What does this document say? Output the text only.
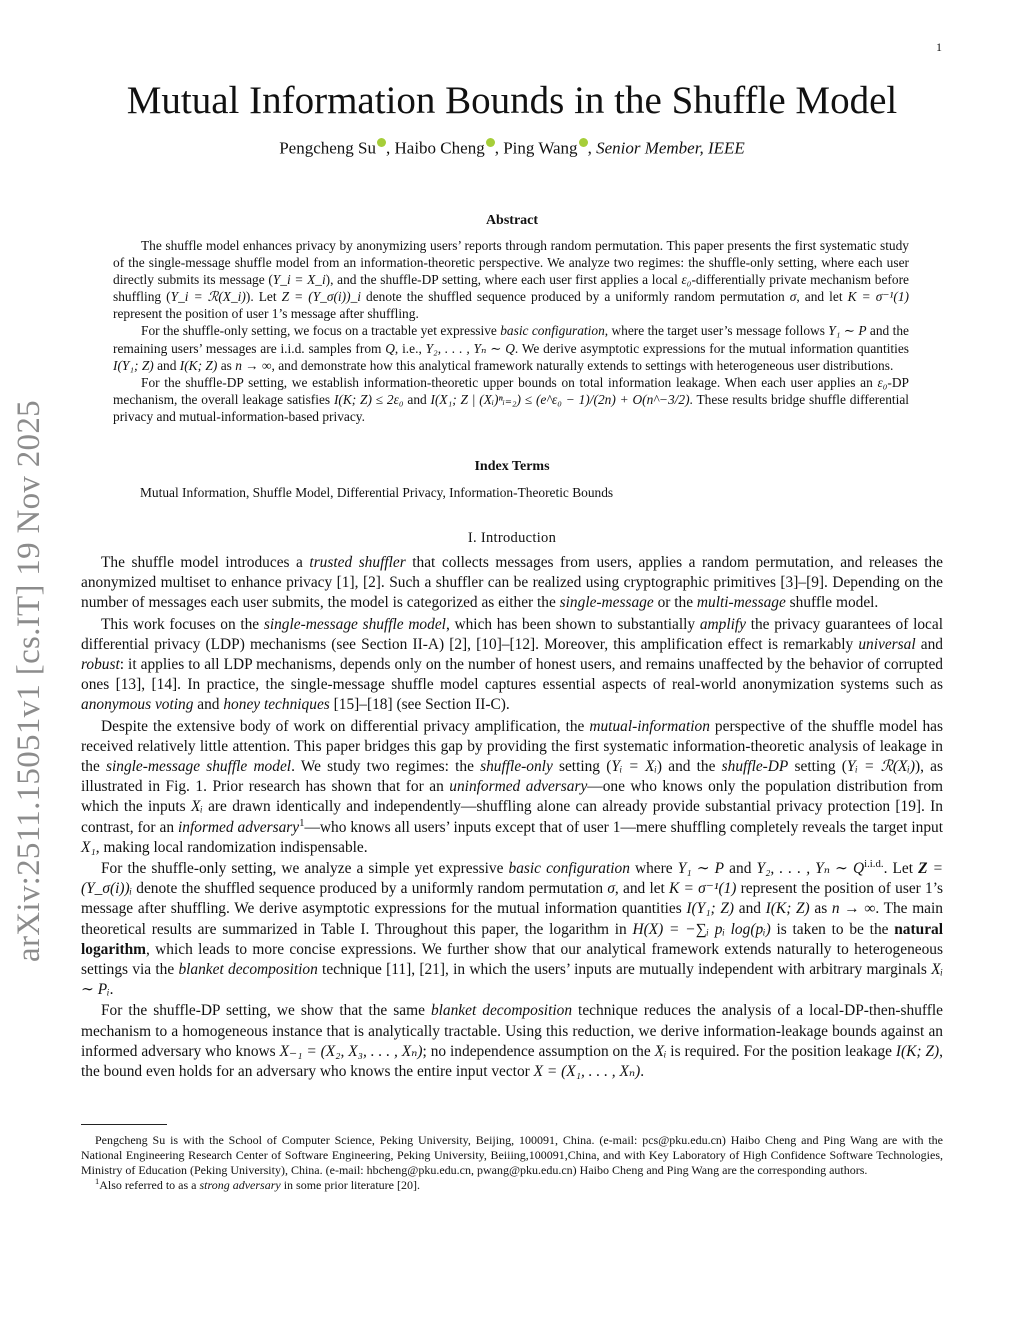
1
arXiv:2511.15051v1 [cs.IT] 19 Nov 2025
Mutual Information Bounds in the Shuffle Model
Pengcheng Su , Haibo Cheng , Ping Wang , Senior Member, IEEE
Abstract

The shuffle model enhances privacy by anonymizing users’ reports through random permutation. This paper presents the first systematic study of the single-message shuffle model from an information-theoretic perspective. We analyze two regimes: the shuffle-only setting, where each user directly submits its message (Y_i = X_i), and the shuffle-DP setting, where each user first applies a local ε₀-differentially private mechanism before shuffling (Y_i = ℛ(X_i)). Let Z = (Y_σ(i))_i denote the shuffled sequence produced by a uniformly random permutation σ, and let K = σ⁻¹(1) represent the position of user 1’s message after shuffling.

For the shuffle-only setting, we focus on a tractable yet expressive basic configuration, where the target user’s message follows Y₁ ∼ P and the remaining users’ messages are i.i.d. samples from Q, i.e., Y₂, . . . , Yₙ ∼ Q. We derive asymptotic expressions for the mutual information quantities I(Y₁; Z) and I(K; Z) as n → ∞, and demonstrate how this analytical framework naturally extends to settings with heterogeneous user distributions.

For the shuffle-DP setting, we establish information-theoretic upper bounds on total information leakage. When each user applies an ε₀-DP mechanism, the overall leakage satisfies I(K; Z) ≤ 2ε₀ and I(X₁; Z | (Xᵢ)ⁿᵢ₌₂) ≤ (e^ε₀ − 1)/(2n) + O(n^−3/2). These results bridge shuffle differential privacy and mutual-information-based privacy.

Index Terms
Mutual Information, Shuffle Model, Differential Privacy, Information-Theoretic Bounds
I. Introduction

The shuffle model introduces a trusted shuffler that collects messages from users, applies a random permutation, and releases the anonymized multiset to enhance privacy [1], [2]. Such a shuffler can be realized using cryptographic primitives [3]–[9]. Depending on the number of messages each user submits, the model is categorized as either the single-message or the multi-message shuffle model.

This work focuses on the single-message shuffle model, which has been shown to substantially amplify the privacy guarantees of local differential privacy (LDP) mechanisms (see Section II-A) [2], [10]–[12]. Moreover, this amplification effect is remarkably universal and robust: it applies to all LDP mechanisms, depends only on the number of honest users, and remains unaffected by the behavior of corrupted ones [13], [14]. In practice, the single-message shuffle model captures essential aspects of real-world anonymization systems such as anonymous voting and honey techniques [15]–[18] (see Section II-C).

Despite the extensive body of work on differential privacy amplification, the mutual-information perspective of the shuffle model has received relatively little attention. This paper bridges this gap by providing the first systematic information-theoretic analysis of leakage in the single-message shuffle model. We study two regimes: the shuffle-only setting (Yᵢ = Xᵢ) and the shuffle-DP setting (Yᵢ = ℛ(Xᵢ)), as illustrated in Fig. 1. Prior research has shown that for an uninformed adversary—one who knows only the population distribution from which the inputs Xᵢ are drawn identically and independently—shuffling alone can already provide substantial privacy protection [19]. In contrast, for an informed adversary$^1$—who knows all users’ inputs except that of user 1—mere shuffling completely reveals the target input X₁, making local randomization indispensable.

For the shuffle-only setting, we analyze a simple yet expressive basic configuration where Y₁ ∼ P and Y₂, . . . , Yₙ ∼ $Q^{i.i.d.}$. Let Z = (Y_σ(i))ᵢ denote the shuffled sequence produced by a uniformly random permutation σ, and let K = σ⁻¹(1) represent the position of user 1’s message after shuffling. We derive asymptotic expressions for the mutual information quantities I(Y₁; Z) and I(K; Z) as n → ∞. The main theoretical results are summarized in Table I. Throughout this paper, the logarithm in H(X) = −∑ᵢ pᵢ log(pᵢ) is taken to be the natural logarithm, which leads to more concise expressions. We further show that our analytical framework extends naturally to heterogeneous settings via the blanket decomposition technique [11], [21], in which the users’ inputs are mutually independent with arbitrary marginals Xᵢ ∼ Pᵢ.

For the shuffle-DP setting, we show that the same blanket decomposition technique reduces the analysis of a local-DP-then-shuffle mechanism to a homogeneous instance that is analytically tractable. Using this reduction, we derive information-leakage bounds against an informed adversary who knows X₋₁ = (X₂, X₃, . . . , Xₙ); no independence assumption on the Xᵢ is required. For the position leakage I(K; Z), the bound even holds for an adversary who knows the entire input vector X = (X₁, . . . , Xₙ).

Pengcheng Su is with the School of Computer Science, Peking University, Beijing, 100091, China. (e-mail: pcs@pku.edu.cn) Haibo Cheng and Ping Wang are with the National Engineering Research Center of Software Engineering, Peking University, Beiiing,100091,China, and with Key Laboratory of High Confidence Software Technologies, Ministry of Education (Peking University), China. (e-mail: hbcheng@pku.edu.cn, pwang@pku.edu.cn) Haibo Cheng and Ping Wang are the corresponding authors.

$^1$Also referred to as a strong adversary in some prior literature [20].
